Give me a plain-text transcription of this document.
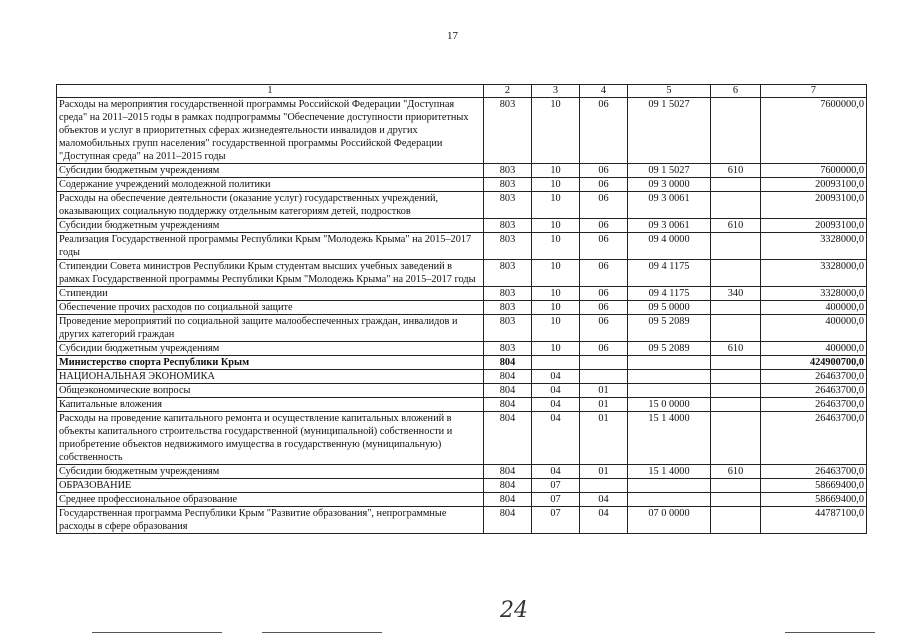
17
1	2	3	4	5	6	7
Расходы на мероприятия государственной программы Российской Федерации "Доступная среда" на 2011–2015 годы в рамках подпрограммы "Обеспечение доступности приоритетных объектов и услуг в приоритетных сферах жизнедеятельности инвалидов и других маломобильных групп населения" государственной программы Российской Федерации "Доступная среда" на 2011–2015 годы	803	10	06	09 1 5027		7600000,0
Субсидии бюджетным учреждениям	803	10	06	09 1 5027	610	7600000,0
Содержание учреждений молодежной политики	803	10	06	09 3 0000		20093100,0
Расходы на обеспечение деятельности (оказание услуг) государственных учреждений, оказывающих социальную поддержку отдельным категориям детей, подростков	803	10	06	09 3 0061		20093100,0
Субсидии бюджетным учреждениям	803	10	06	09 3 0061	610	20093100,0
Реализация Государственной программы Республики Крым "Молодежь Крыма" на 2015–2017 годы	803	10	06	09 4 0000		3328000,0
Стипендии Совета министров Республики Крым студентам высших учебных заведений в рамках Государственной программы Республики Крым "Молодежь Крыма" на 2015–2017 годы	803	10	06	09 4 1175		3328000,0
Стипендии	803	10	06	09 4 1175	340	3328000,0
Обеспечение прочих расходов по социальной защите	803	10	06	09 5 0000		400000,0
Проведение мероприятий по социальной защите малообеспеченных граждан, инвалидов и других категорий граждан	803	10	06	09 5 2089		400000,0
Субсидии бюджетным учреждениям	803	10	06	09 5 2089	610	400000,0
Министерство спорта Республики Крым	804					424900700,0
НАЦИОНАЛЬНАЯ ЭКОНОМИКА	804	04				26463700,0
Общеэкономические вопросы	804	04	01			26463700,0
Капитальные вложения	804	04	01	15 0 0000		26463700,0
Расходы на проведение капитального ремонта и осуществление капитальных вложений в объекты капитального строительства государственной (муниципальной) собственности и приобретение объектов недвижимого имущества в государственную (муниципальную) собственность	804	04	01	15 1 4000		26463700,0
Субсидии бюджетным учреждениям	804	04	01	15 1 4000	610	26463700,0
ОБРАЗОВАНИЕ	804	07				58669400,0
Среднее профессиональное образование	804	07	04			58669400,0
Государственная программа Республики Крым "Развитие образования", непрограммные расходы в сфере образования	804	07	04	07 0 0000		44787100,0
24
